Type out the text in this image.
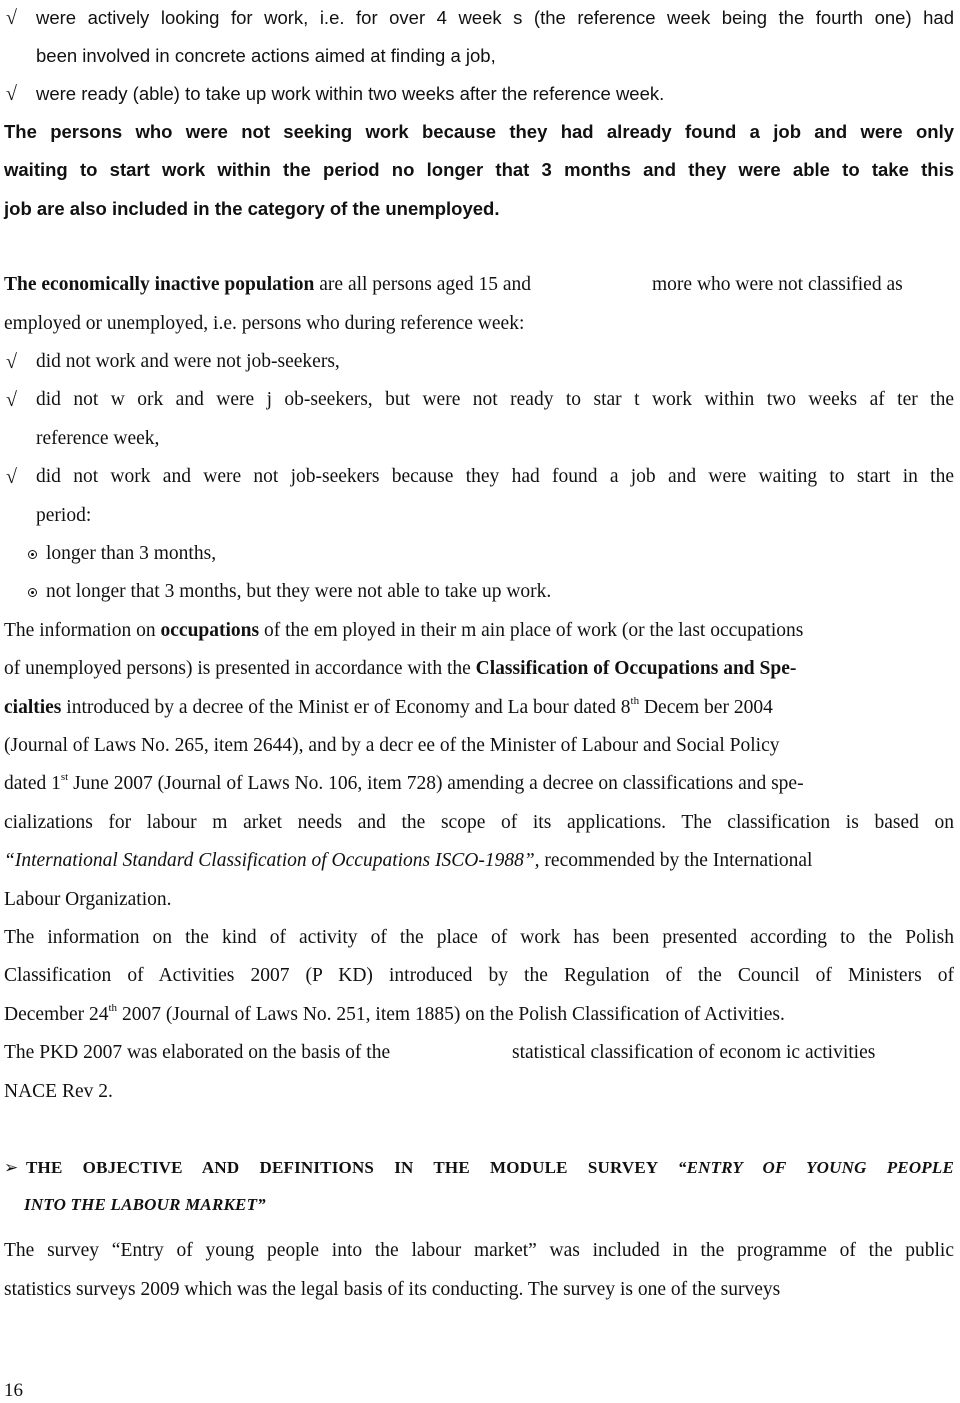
√ were actively looking for work, i.e. for over 4 week s (the reference week being the fourth one) had
been involved in concrete actions aimed at finding a job,
√ were ready (able) to take up work within two weeks after the reference week.
The persons who were not seeking work because they had already found a job and were only
waiting to start work within the period no longer that 3 months and they were able to take this
job are also included in the category of the unemployed.
The economically inactive population are all persons aged 15 and	more who were not classified as
employed or unemployed, i.e. persons who during reference week:
√ did not work and were not job-seekers,
√ did not w ork and were j ob-seekers, but were not ready to star t work within two weeks af ter the
reference week,
√ did not work and were not job-seekers because they had found a job and were waiting to start in the
period:
longer than 3 months,
not longer that 3 months, but they were not able to take up work.
The information on occupations of the em ployed in their m ain place of work (or the last occupations
of unemployed persons) is presented in accordance with the Classification of Occupations and Spe-
cialties introduced by a decree of the Minist er of Economy and La bour dated 8th Decem ber 2004
(Journal of Laws No. 265, item 2644), and by a decr ee of the Minister of Labour and Social Policy
dated 1st June 2007 (Journal of Laws No. 106, item 728) amending a decree on classifications and spe-
cializations for labour m arket needs and the scope of its applications. The classification is based on
“International Standard Classification of Occupations ISCO-1988”, recommended by the International
Labour Organization.
The information on the kind of activity of the place of work has been presented according to the Polish
Classification of Activities 2007 (P KD) introduced by the Regulation of the Council of Ministers of
December 24th 2007 (Journal of Laws No. 251, item 1885) on the Polish Classification of Activities.
The PKD 2007 was elaborated on the basis of the	statistical classification of econom ic activities
NACE Rev 2.
➢ THE OBJECTIVE AND DEFINITIONS IN THE MODULE SURVEY “ENTRY OF YOUNG PEOPLE
INTO THE LABOUR MARKET”
The survey “Entry of young people into the labour market” was included in the programme of the public
statistics surveys 2009 which was the legal basis of its conducting. The survey is one of the surveys
16
